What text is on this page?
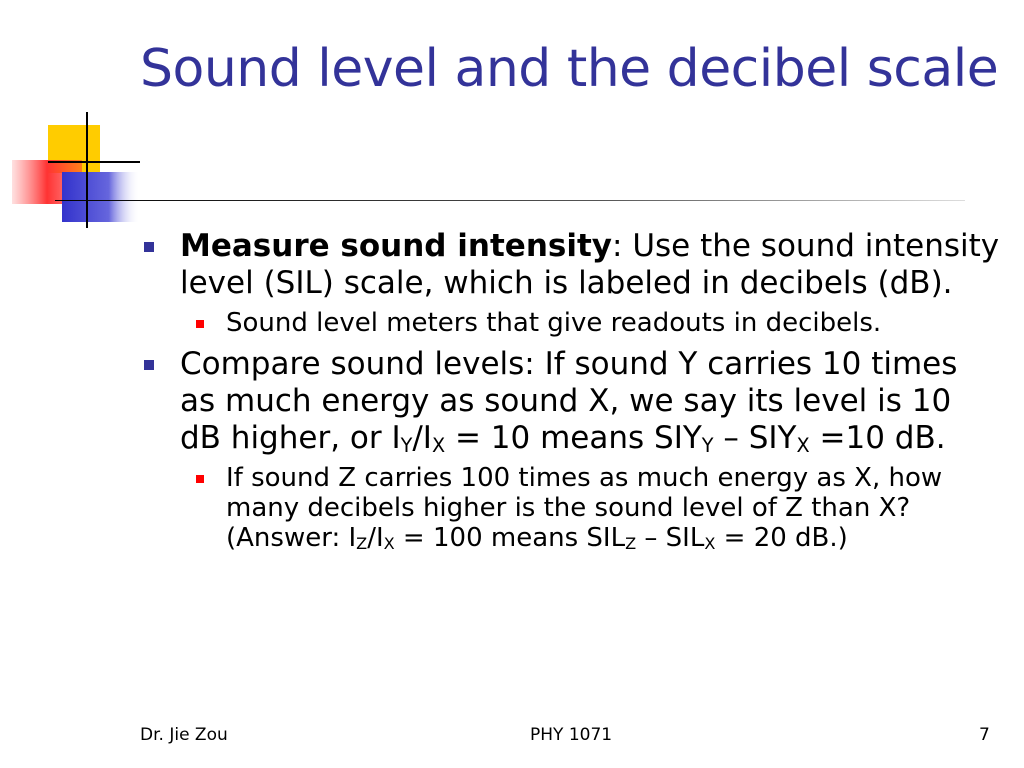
Sound level and the decibel scale
Measure sound intensity: Use the sound intensity level (SIL) scale, which is labeled in decibels (dB).
Sound level meters that give readouts in decibels.
Compare sound levels: If sound Y carries 10 times as much energy as sound X, we say its level is 10 dB higher, or $I_Y/I_X = 10$ means $SIY_Y - SIY_X =10$ dB.
If sound Z carries 100 times as much energy as X, how many decibels higher is the sound level of Z than X? (Answer: $I_Z/I_X = 100$ means $SIL_Z - SIL_X = 20$ dB.)
Dr. Jie Zou	PHY 1071	7
